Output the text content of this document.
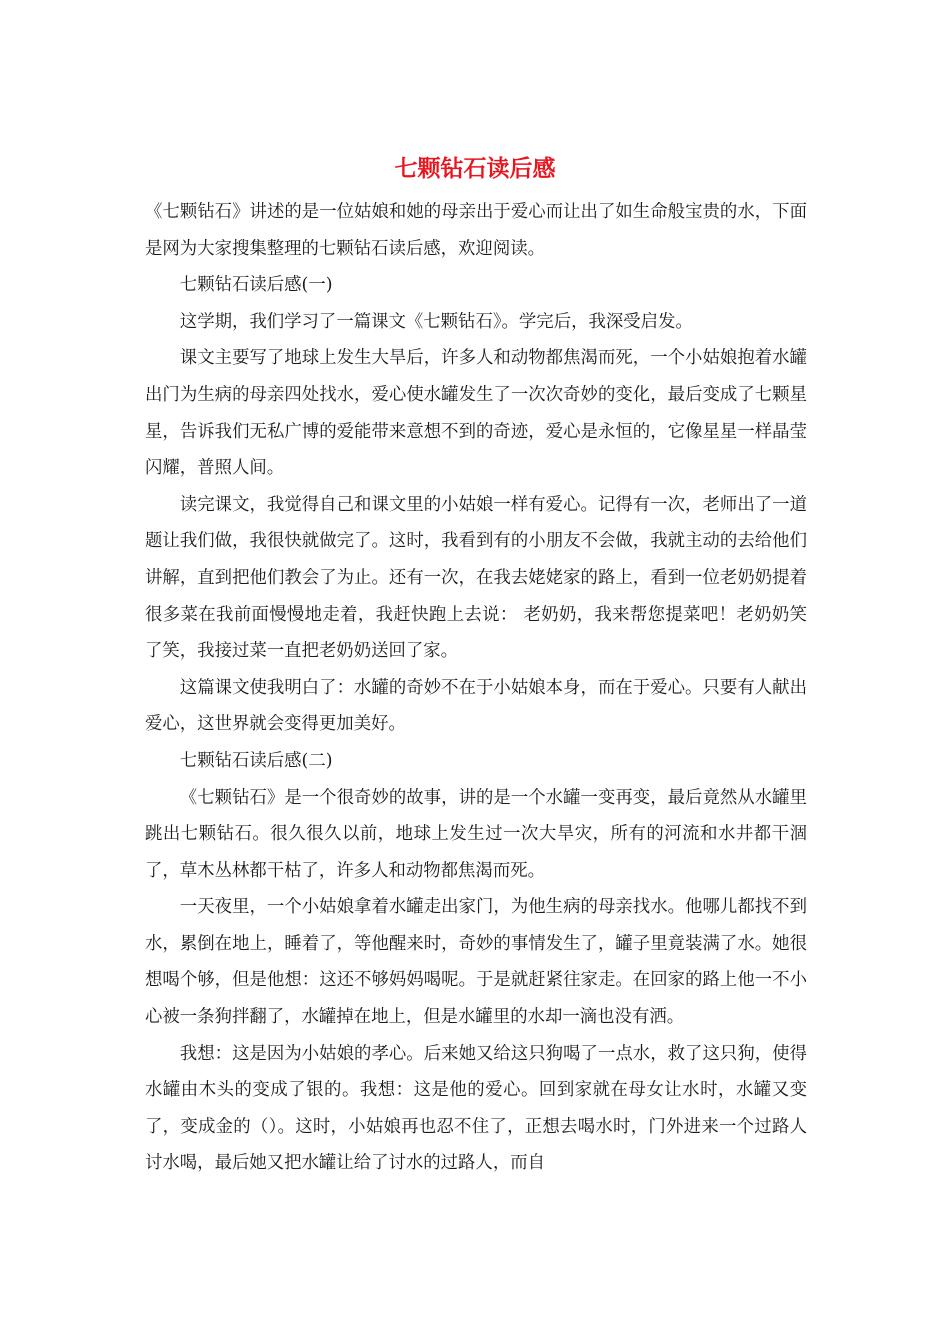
七颗钻石读后感

《七颗钻石》讲述的是一位姑娘和她的母亲出于爱心而让出了如生命般宝贵的水，下面是网为大家搜集整理的七颗钻石读后感，欢迎阅读。

七颗钻石读后感(一)

这学期，我们学习了一篇课文《七颗钻石》。学完后，我深受启发。

课文主要写了地球上发生大旱后，许多人和动物都焦渴而死，一个小姑娘抱着水罐出门为生病的母亲四处找水，爱心使水罐发生了一次次奇妙的变化，最后变成了七颗星星，告诉我们无私广博的爱能带来意想不到的奇迹，爱心是永恒的，它像星星一样晶莹闪耀，普照人间。

读完课文，我觉得自己和课文里的小姑娘一样有爱心。记得有一次，老师出了一道题让我们做，我很快就做完了。这时，我看到有的小朋友不会做，我就主动的去给他们讲解，直到把他们教会了为止。还有一次，在我去姥姥家的路上，看到一位老奶奶提着很多菜在我前面慢慢地走着，我赶快跑上去说： 老奶奶，我来帮您提菜吧！老奶奶笑了笑，我接过菜一直把老奶奶送回了家。

这篇课文使我明白了：水罐的奇妙不在于小姑娘本身，而在于爱心。只要有人献出爱心，这世界就会变得更加美好。

七颗钻石读后感(二)

《七颗钻石》是一个很奇妙的故事，讲的是一个水罐一变再变，最后竟然从水罐里跳出七颗钻石。很久很久以前，地球上发生过一次大旱灾，所有的河流和水井都干涸了，草木丛林都干枯了，许多人和动物都焦渴而死。

一天夜里，一个小姑娘拿着水罐走出家门，为他生病的母亲找水。他哪儿都找不到水，累倒在地上，睡着了，等他醒来时，奇妙的事情发生了，罐子里竟装满了水。她很想喝个够，但是他想：这还不够妈妈喝呢。于是就赶紧往家走。在回家的路上他一不小心被一条狗拌翻了，水罐掉在地上，但是水罐里的水却一滴也没有洒。

我想：这是因为小姑娘的孝心。后来她又给这只狗喝了一点水，救了这只狗，使得水罐由木头的变成了银的。我想：这是他的爱心。回到家就在母女让水时，水罐又变了，变成金的（）。这时，小姑娘再也忍不住了，正想去喝水时，门外进来一个过路人讨水喝，最后她又把水罐让给了讨水的过路人，而自
